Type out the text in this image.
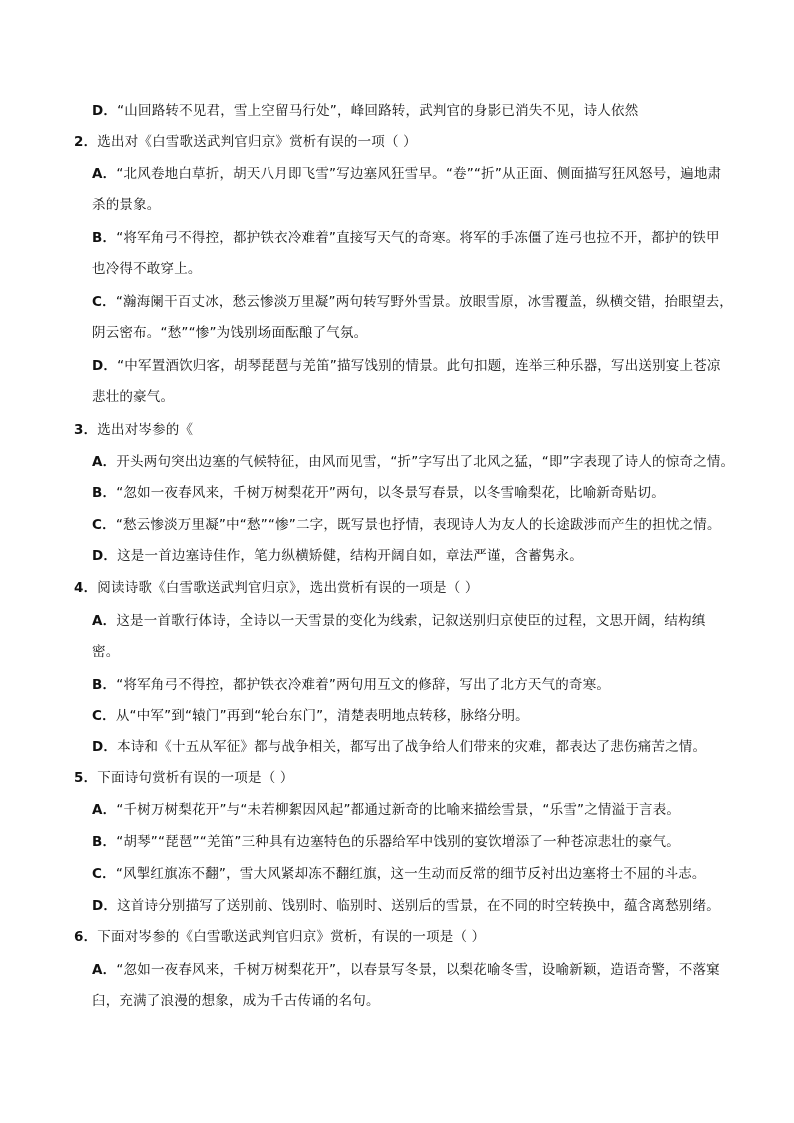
D．“山回路转不见君，雪上空留马行处”，峰回路转，武判官的身影已消失不见，诗人依然
2．选出对《白雪歌送武判官归京》赏析有误的一项（ ）
A．“北风卷地白草折，胡天八月即飞雪”写边塞风狂雪早。“卷”“折”从正面、侧面描写狂风怒号，遍地肃
杀的景象。
B．“将军角弓不得控，都护铁衣冷难着”直接写天气的奇寒。将军的手冻僵了连弓也拉不开，都护的铁甲
也冷得不敢穿上。
C．“瀚海阑干百丈冰，愁云惨淡万里凝”两句转写野外雪景。放眼雪原，冰雪覆盖，纵横交错，抬眼望去，
阴云密布。“愁”“惨”为饯别场面酝酿了气氛。
D．“中军置酒饮归客，胡琴琵琶与羌笛”描写饯别的情景。此句扣题，连举三种乐器，写出送别宴上苍凉
悲壮的豪气。
3．选出对岑参的《
A．开头两句突出边塞的气候特征，由风而见雪，“折”字写出了北风之猛，“即”字表现了诗人的惊奇之情。
B．“忽如一夜春风来，千树万树梨花开”两句，以冬景写春景，以冬雪喻梨花，比喻新奇贴切。
C．“愁云惨淡万里凝”中“愁”“惨”二字，既写景也抒情，表现诗人为友人的长途跋涉而产生的担忧之情。
D．这是一首边塞诗佳作，笔力纵横矫健，结构开阔自如，章法严谨，含蓄隽永。
4．阅读诗歌《白雪歌送武判官归京》，选出赏析有误的一项是（ ）
A．这是一首歌行体诗，全诗以一天雪景的变化为线索，记叙送别归京使臣的过程，文思开阔，结构缜
密。
B．“将军角弓不得控，都护铁衣冷难着”两句用互文的修辞，写出了北方天气的奇寒。
C．从“中军”到“辕门”再到“轮台东门”，清楚表明地点转移，脉络分明。
D．本诗和《十五从军征》都与战争相关，都写出了战争给人们带来的灾难，都表达了悲伤痛苦之情。
5．下面诗句赏析有误的一项是（ ）
A．“千树万树梨花开”与“未若柳絮因风起”都通过新奇的比喻来描绘雪景，“乐雪”之情溢于言表。
B．“胡琴”“琵琶”“羌笛”三种具有边塞特色的乐器给军中饯别的宴饮增添了一种苍凉悲壮的豪气。
C．“风掣红旗冻不翻”，雪大风紧却冻不翻红旗，这一生动而反常的细节反衬出边塞将士不屈的斗志。
D．这首诗分别描写了送别前、饯别时、临别时、送别后的雪景，在不同的时空转换中，蕴含离愁别绪。
6．下面对岑参的《白雪歌送武判官归京》赏析，有误的一项是（ ）
A．“忽如一夜春风来，千树万树梨花开”，以春景写冬景，以梨花喻冬雪，设喻新颖，造语奇警，不落窠
臼，充满了浪漫的想象，成为千古传诵的名句。
